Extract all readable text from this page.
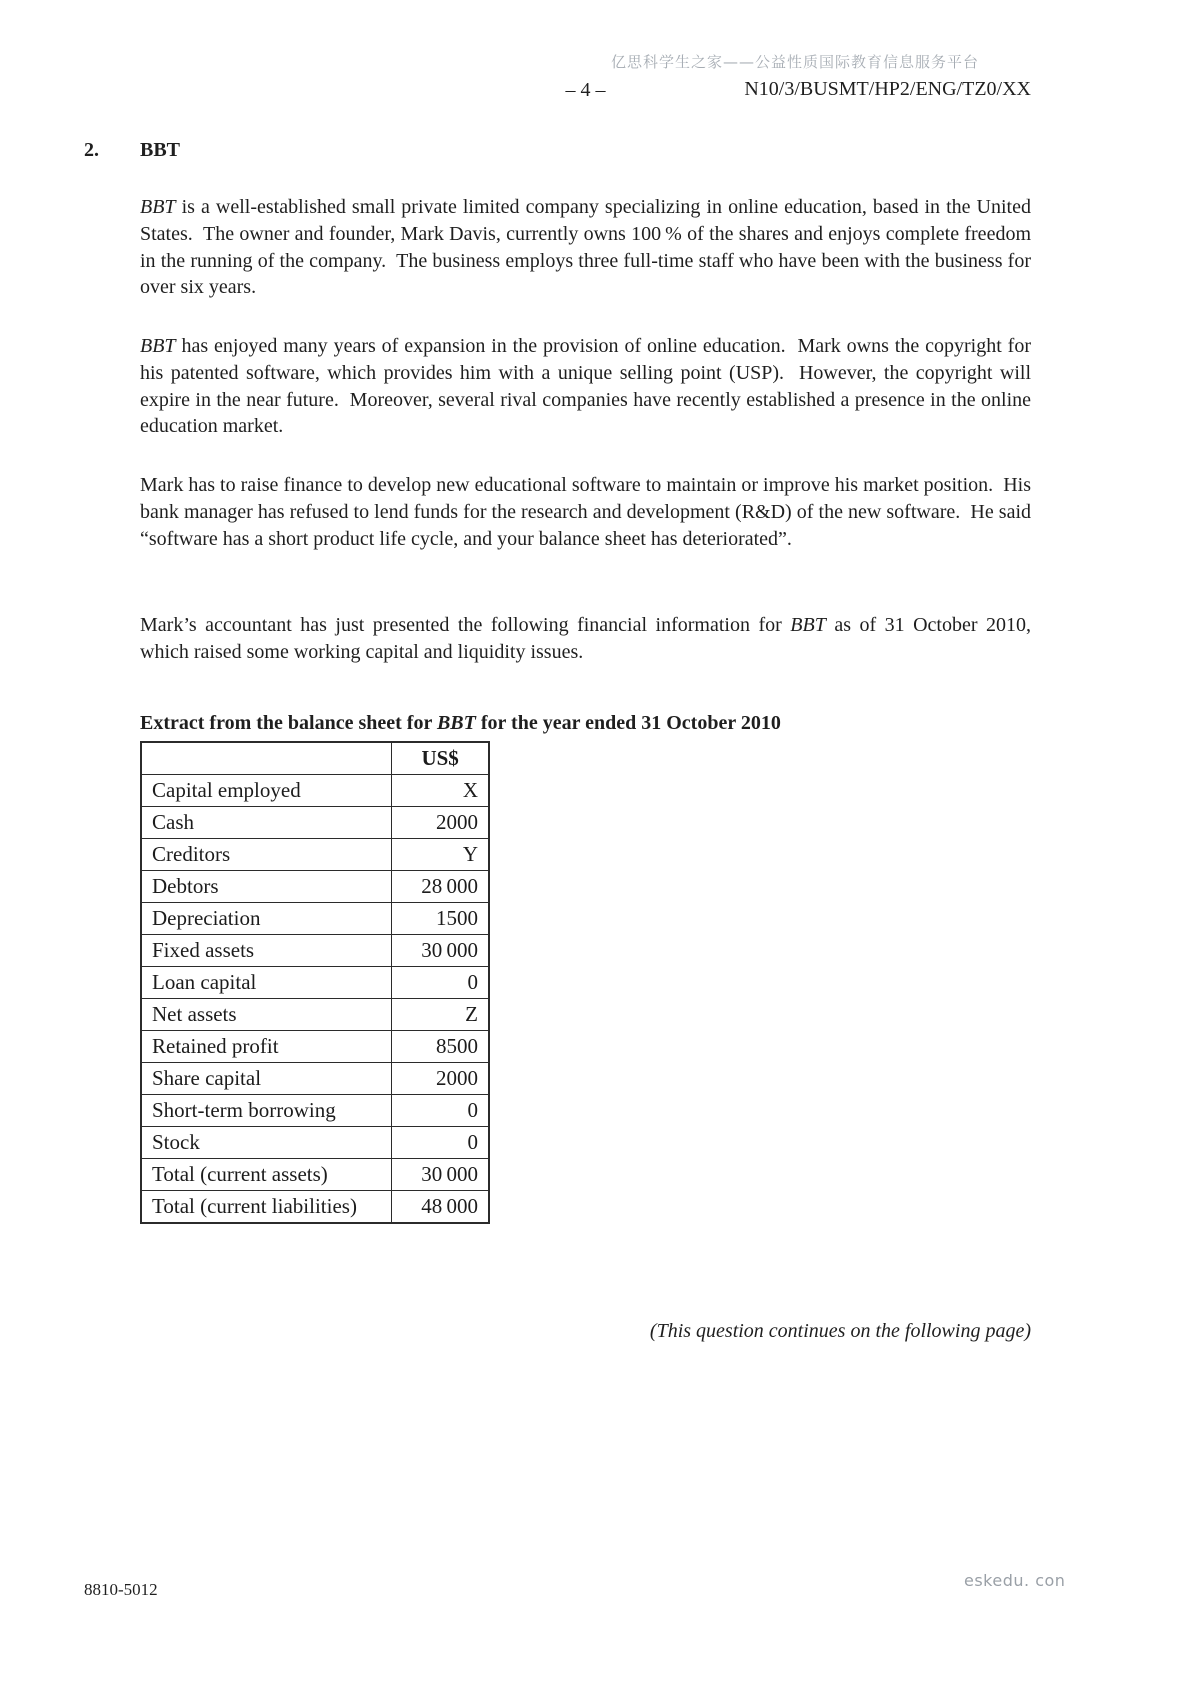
亿思科学生之家——公益性质国际教育信息服务平台
– 4 –	N10/3/BUSMT/HP2/ENG/TZ0/XX
2. BBT
BBT is a well-established small private limited company specializing in online education, based in the United States.  The owner and founder, Mark Davis, currently owns 100 % of the shares and enjoys complete freedom in the running of the company.  The business employs three full-time staff who have been with the business for over six years.
BBT has enjoyed many years of expansion in the provision of online education.  Mark owns the copyright for his patented software, which provides him with a unique selling point (USP).  However, the copyright will expire in the near future.  Moreover, several rival companies have recently established a presence in the online education market.
Mark has to raise finance to develop new educational software to maintain or improve his market position.  His bank manager has refused to lend funds for the research and development (R&D) of the new software.  He said “software has a short product life cycle, and your balance sheet has deteriorated”.
Mark’s accountant has just presented the following financial information for BBT as of 31 October 2010, which raised some working capital and liquidity issues.
Extract from the balance sheet for BBT for the year ended 31 October 2010
	US$
Capital employed	X
Cash	2000
Creditors	Y
Debtors	28 000
Depreciation	1500
Fixed assets	30 000
Loan capital	0
Net assets	Z
Retained profit	8500
Share capital	2000
Short-term borrowing	0
Stock	0
Total (current assets)	30 000
Total (current liabilities)	48 000
(This question continues on the following page)
8810-5012	eskedu. con
